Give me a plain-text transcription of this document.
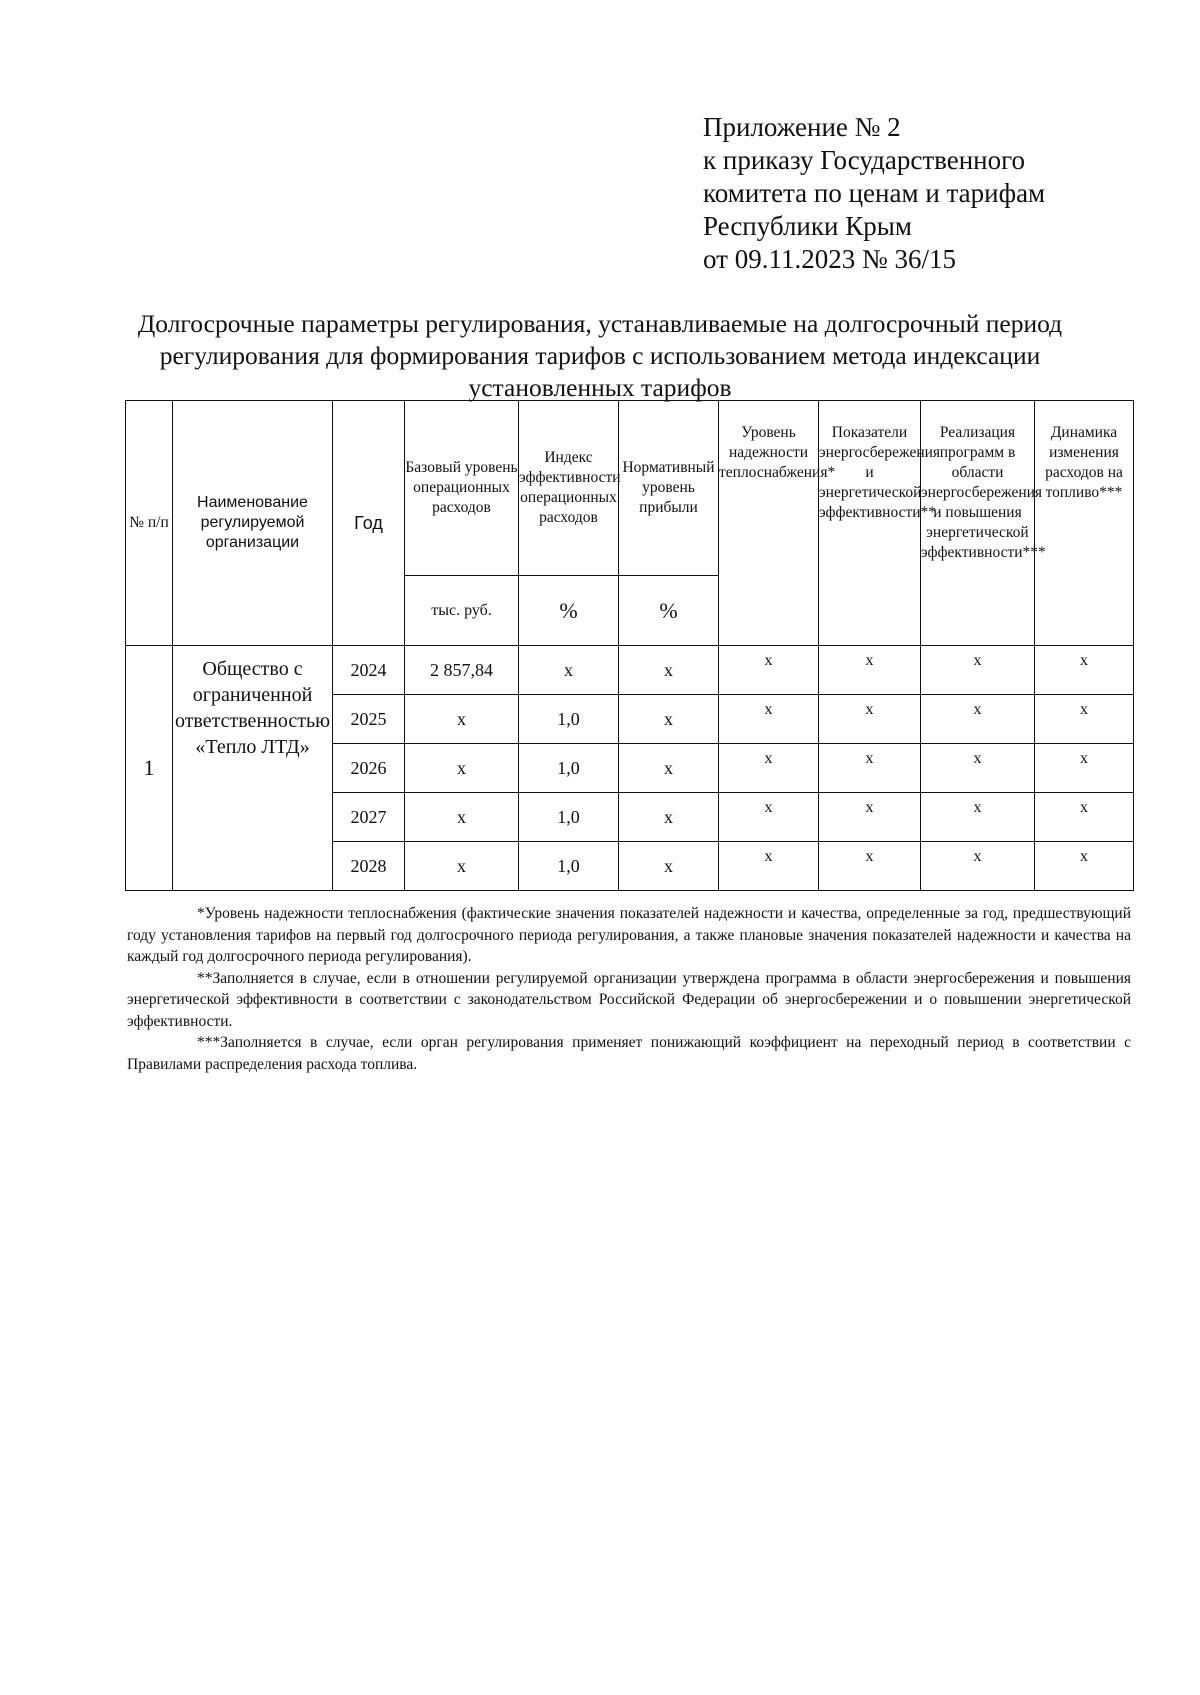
Приложение № 2
к приказу Государственного
комитета по ценам и тарифам
Республики Крым
от 09.11.2023 № 36/15
Долгосрочные параметры регулирования, устанавливаемые на долгосрочный период регулирования для формирования тарифов с использованием метода индексации установленных тарифов
№ п/п	Наименование регулируемой организации	Год	Базовый уровень операционных расходов	Индекс эффективности операционных расходов	Нормативный уровень прибыли	Уровень надежности теплоснабжения*	Показатели энергосбережения и энергетической эффективности**	Реализация программ в области энергосбережения и повышения энергетической эффективности***	Динамика изменения расходов на топливо***
			тыс. руб.	%	%				
1	Общество с ограниченной ответственностью «Тепло ЛТД»	2024	2 857,84	х	х	х	х	х	х
		2025	х	1,0	х	х	х	х	х
		2026	х	1,0	х	х	х	х	х
		2027	х	1,0	х	х	х	х	х
		2028	х	1,0	х	х	х	х	х

*Уровень надежности теплоснабжения (фактические значения показателей надежности и качества, определенные за год, предшествующий году установления тарифов на первый год долгосрочного периода регулирования, а также плановые значения показателей надежности и качества на каждый год долгосрочного периода регулирования).

**Заполняется в случае, если в отношении регулируемой организации утверждена программа в области энергосбережения и повышения энергетической эффективности в соответствии с законодательством Российской Федерации об энергосбережении и о повышении энергетической эффективности.

***Заполняется в случае, если орган регулирования применяет понижающий коэффициент на переходный период в соответствии с Правилами распределения расхода топлива.
